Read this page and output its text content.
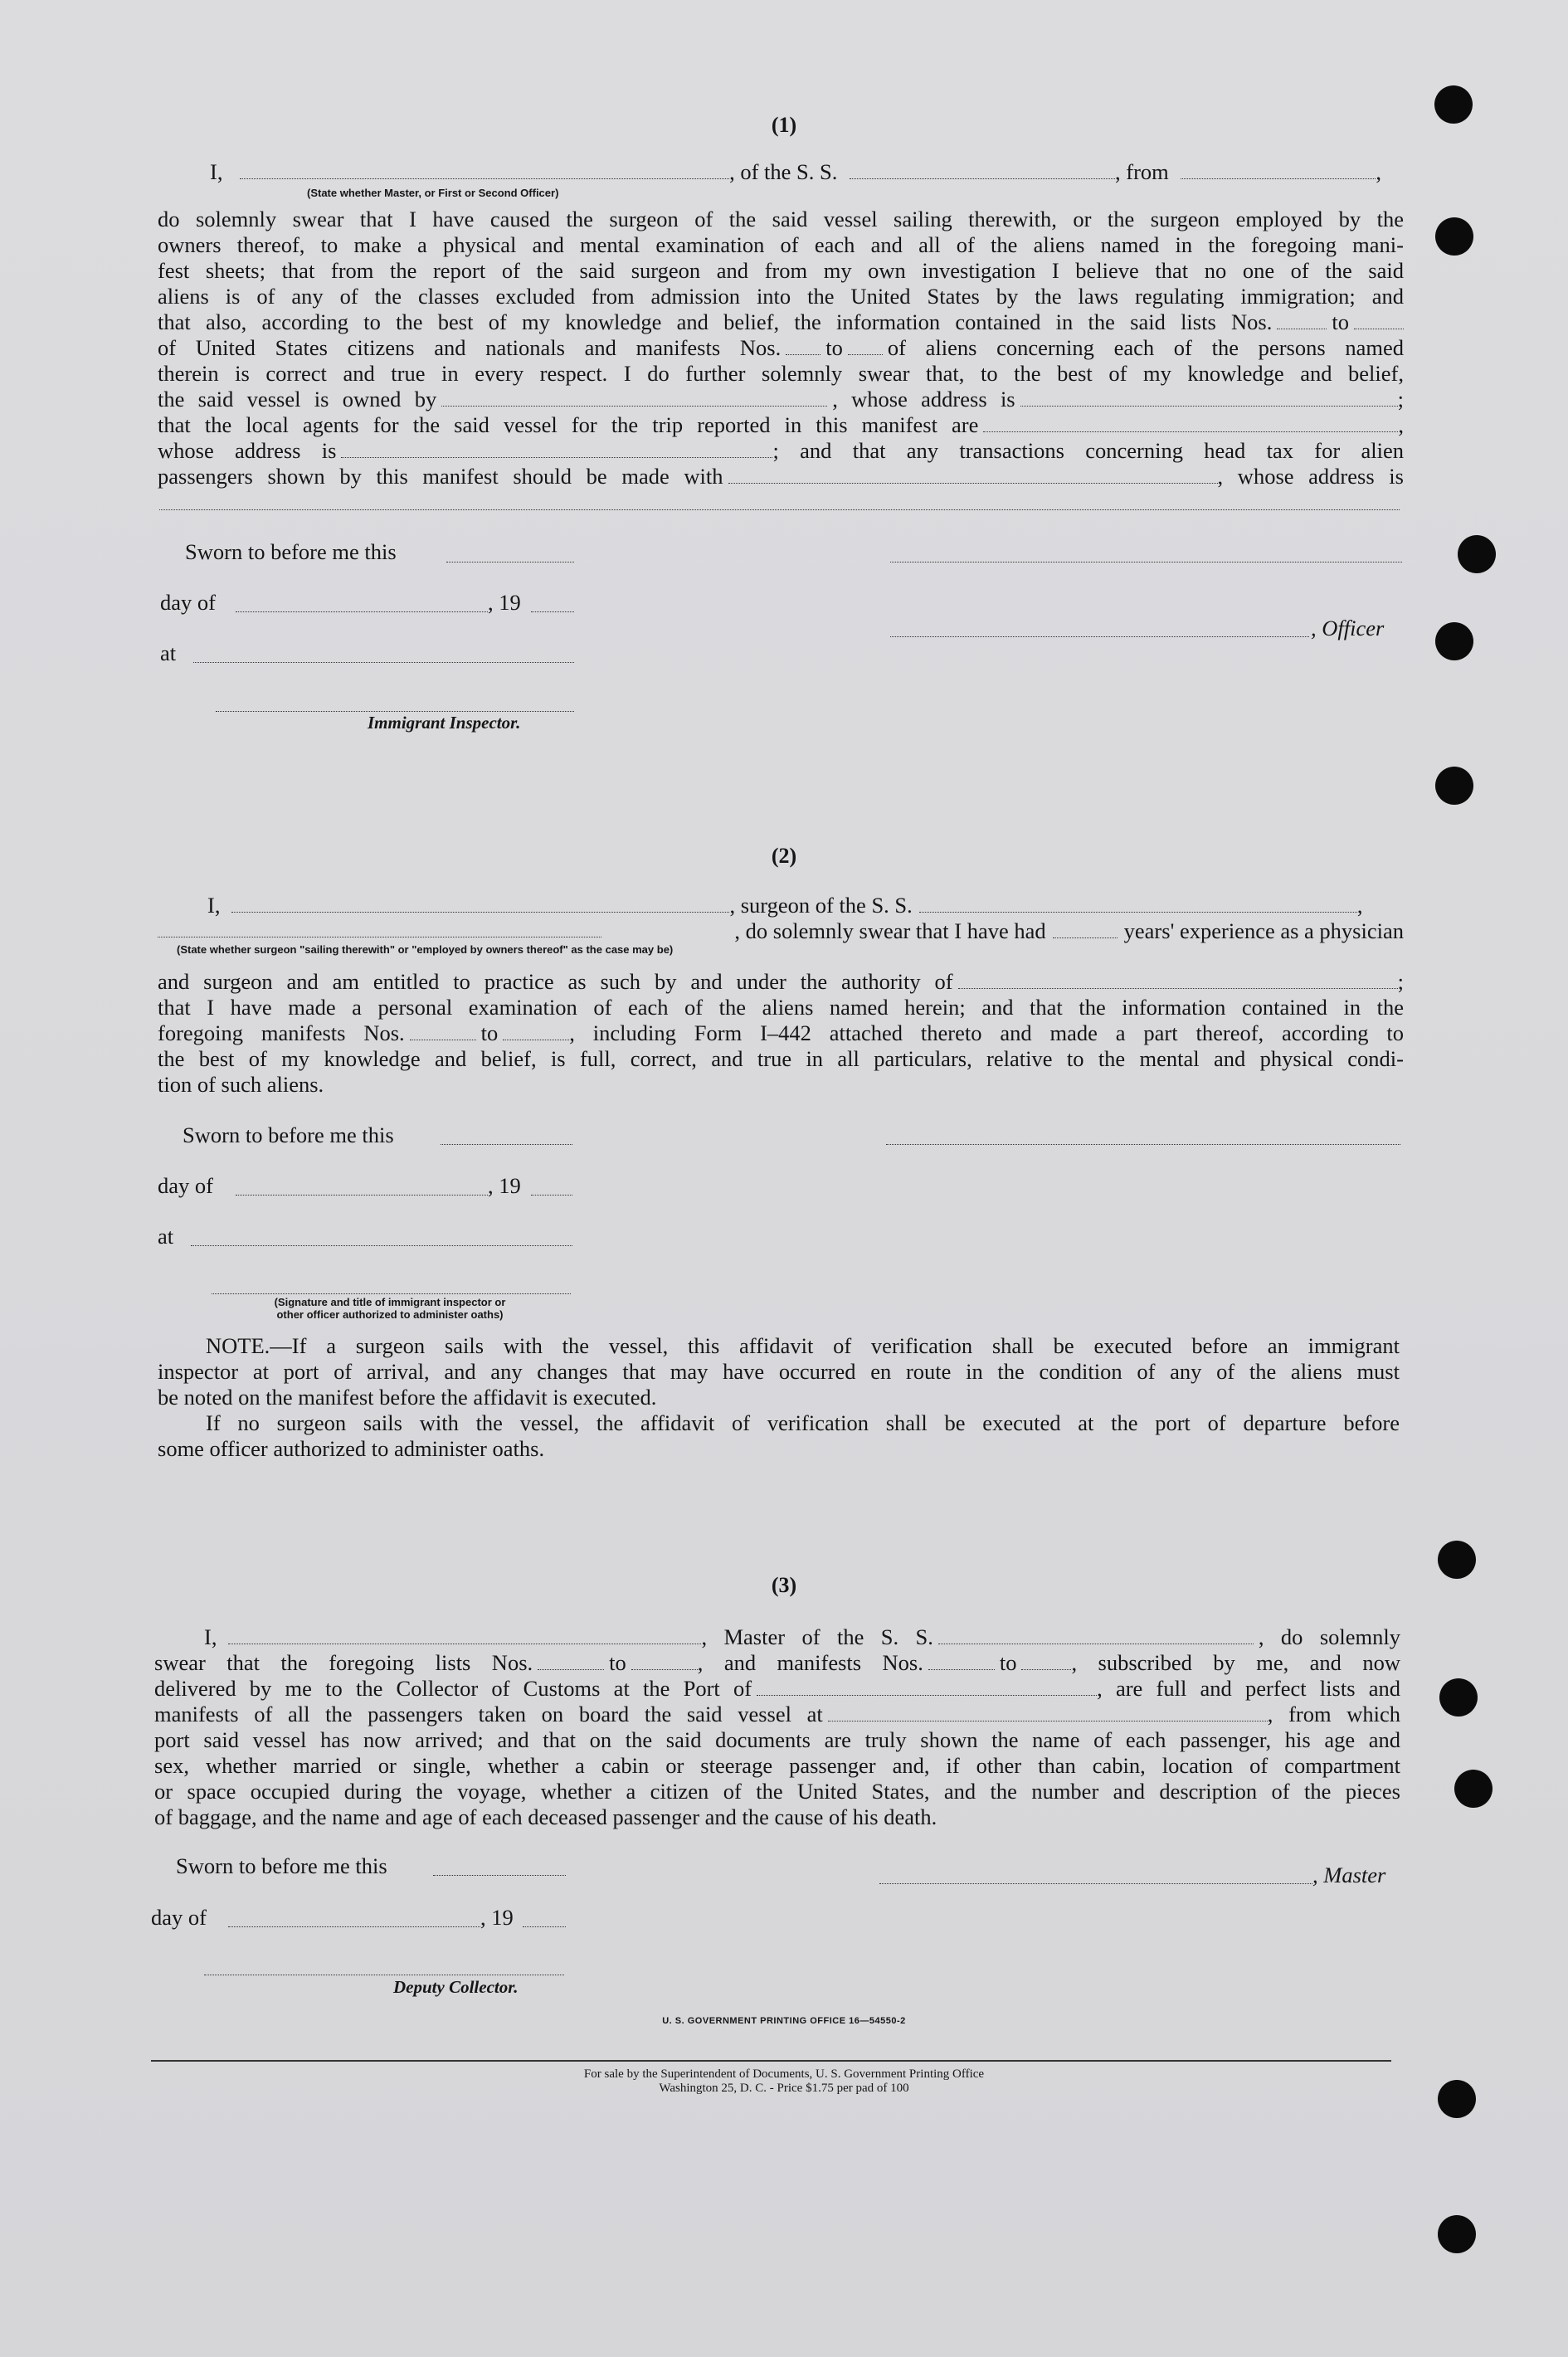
(1)
I,	, of the S. S.	, from	,
(State whether Master, or First or Second Officer)
do solemnly swear that I have caused the surgeon of the said vessel sailing therewith, or the surgeon employed by the
owners thereof, to make a physical and mental examination of each and all of the aliens named in the foregoing mani-
fest sheets; that from the report of the said surgeon and from my own investigation I believe that no one of the said
aliens is of any of the classes excluded from admission into the United States by the laws regulating immigration; and
that also, according to the best of my knowledge and belief, the information contained in the said lists Nos.	to
of United States citizens and nationals and manifests Nos. to of aliens concerning each of the persons named
therein is correct and true in every respect. I do further solemnly swear that, to the best of my knowledge and belief,
the said vessel is owned by	, whose address is	;
that the local agents for the said vessel for the trip reported in this manifest are	,
whose address is	; and that any transactions concerning head tax for alien
passengers shown by this manifest should be made with	, whose address is
Sworn to before me this
day of	, 19
, Officer
at
Immigrant Inspector.
(2)
I,	, surgeon of the S. S.	,
, do solemnly swear that I have had	years' experience as a physician
(State whether surgeon "sailing therewith" or "employed by owners thereof" as the case may be)
and surgeon and am entitled to practice as such by and under the authority of	;
that I have made a personal examination of each of the aliens named herein; and that the information contained in the
foregoing manifests Nos.	to	, including Form I–442 attached thereto and made a part thereof, according to
the best of my knowledge and belief, is full, correct, and true in all particulars, relative to the mental and physical condi-
tion of such aliens.
Sworn to before me this
day of	, 19
at
(Signature and title of immigrant inspector or
other officer authorized to administer oaths)
NOTE.—If a surgeon sails with the vessel, this affidavit of verification shall be executed before an immigrant
inspector at port of arrival, and any changes that may have occurred en route in the condition of any of the aliens must
be noted on the manifest before the affidavit is executed.
If no surgeon sails with the vessel, the affidavit of verification shall be executed at the port of departure before
some officer authorized to administer oaths.
(3)
I,	, Master of the S. S.	, do solemnly
swear that the foregoing lists Nos.	to	, and manifests Nos.	to , subscribed by me, and now
delivered by me to the Collector of Customs at the Port of	, are full and perfect lists and
manifests of all the passengers taken on board the said vessel at	, from which
port said vessel has now arrived; and that on the said documents are truly shown the name of each passenger, his age and
sex, whether married or single, whether a cabin or steerage passenger and, if other than cabin, location of compartment
or space occupied during the voyage, whether a citizen of the United States, and the number and description of the pieces
of baggage, and the name and age of each deceased passenger and the cause of his death.
Sworn to before me this	, Master
day of	, 19
Deputy Collector.
U. S. GOVERNMENT PRINTING OFFICE 16—54550-2
For sale by the Superintendent of Documents, U. S. Government Printing Office
Washington 25, D. C. - Price $1.75 per pad of 100
